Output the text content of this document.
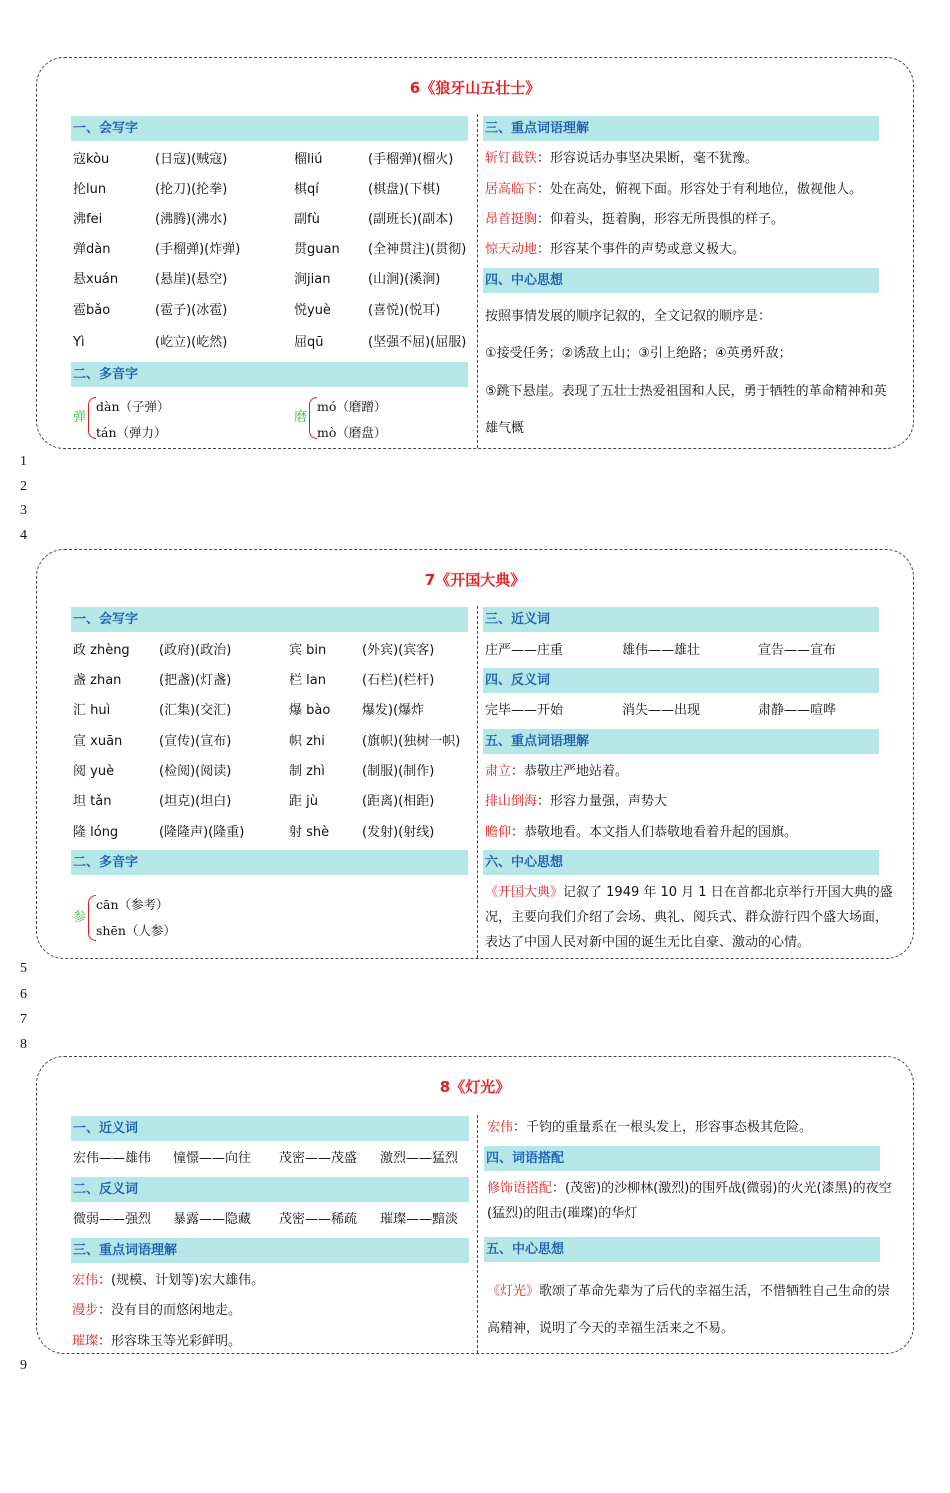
1
2
3
4
5
6
7
8
9
6《狼牙山五壮士》
一、会写字
寇kòu	(日寇)(贼寇)
抡lun	(抡刀)(抡拳)
沸fei	(沸腾)(沸水)
弹dàn	(手榴弹)(炸弹)
悬xuán	(悬崖)(悬空)
雹bǎo	(雹子)(冰雹)
Yì	(屹立)(屹然)
榴liú	(手榴弹)(榴火)
棋qí	(棋盘)(下棋)
副fù	(副班长)(副本)
贯guan (全神贯注)(贯彻)
涧jian	(山涧)(溪涧)
悦yuè	(喜悦)(悦耳)
屈qū	(坚强不屈)(屈服)
二、多音字
弹
dàn（子弹）
tán（弹力）
磨
mó（磨蹭）
mò（磨盘）
三、重点词语理解
斩钉截铁：形容说话办事坚决果断，毫不犹豫。
居高临下：处在高处，俯视下面。形容处于有利地位，傲视他人。
昂首挺胸：仰着头，挺着胸，形容无所畏惧的样子。
惊天动地：形容某个事件的声势或意义极大。
四、中心思想
按照事情发展的顺序记叙的，全文记叙的顺序是：
①接受任务；②诱敌上山；③引上绝路；④英勇歼敌；
⑤跳下悬崖。表现了五壮士热爱祖国和人民，勇于牺牲的革命精神和英
雄气概
7《开国大典》
一、会写字
政 zhèng (政府)(政治)
盏 zhan	(把盏)(灯盏)
汇 huì	(汇集)(交汇)
宣 xuān	(宣传)(宣布)
阅 yuè	(检阅)(阅读)
坦 tǎn	(坦克)(坦白)
隆 lóng	(隆隆声)(隆重)
宾 bin	(外宾)(宾客)
栏 lan	(石栏)(栏杆)
爆 bào 爆发)(爆炸
帜 zhi	(旗帜)(独树一帜)
制 zhì	(制服)(制作)
距 jù	(距离)(相距)
射 shè	(发射)(射线)
二、多音字
参
cān（参考）
shēn（人参）
三、近义词
庄严——庄重	雄伟——雄壮	宣告——宣布
四、反义词
完毕——开始	消失——出现	肃静——喧哗
五、重点词语理解
肃立：恭敬庄严地站着。
排山倒海：形容力量强，声势大
瞻仰：恭敬地看。本文指人们恭敬地看着升起的国旗。
六、中心思想
《开国大典》记叙了 1949 年 10 月 1 日在首都北京举行开国大典的盛
况，主要向我们介绍了会场、典礼、阅兵式、群众游行四个盛大场面，
表达了中国人民对新中国的诞生无比自豪、激动的心情。
8《灯光》
一、近义词
宏伟——雄伟 憧憬——向往 茂密——茂盛 激烈——猛烈
二、反义词
微弱——强烈 暴露——隐藏 茂密——稀疏 璀璨——黯淡
三、重点词语理解
宏伟：(规模、计划等)宏大雄伟。
漫步：没有目的而悠闲地走。
璀璨：形容珠玉等光彩鲜明。
宏伟：千钧的重量系在一根头发上，形容事态极其危险。
四、词语搭配
修饰语搭配：(茂密)的沙柳林(激烈)的围歼战(微弱)的火光(漆黑)的夜空
(猛烈)的阻击(璀璨)的华灯
五、中心思想
《灯光》歌颂了革命先辈为了后代的幸福生活，不惜牺牲自己生命的崇
高精神，说明了今天的幸福生活来之不易。
